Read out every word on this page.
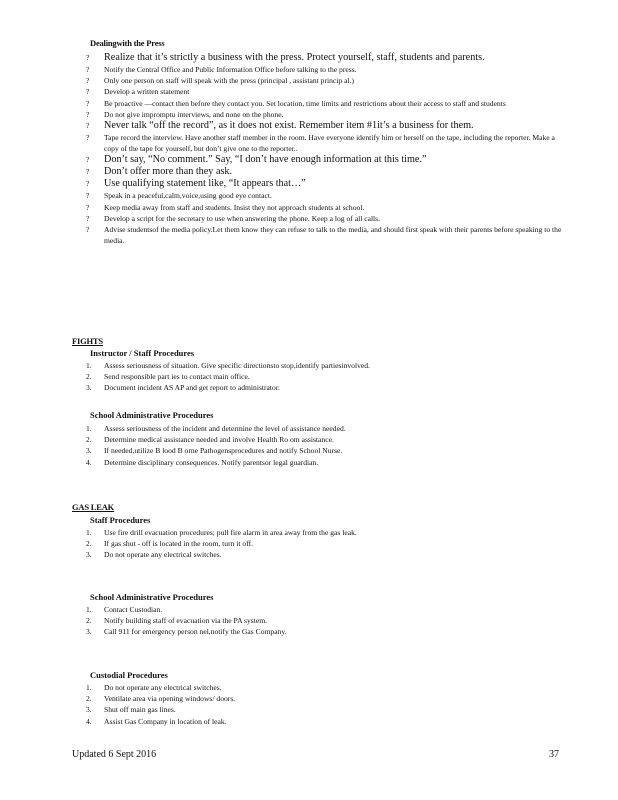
Dealingwith the Press
? Realize that it’s strictly a business with the press. Protect yourself, staff, students and parents.
? Notify the Central Office and Public Information Office before talking to the press.
? Only one person on staff will speak with the press (principal , assistant princip al.)
? Develop a written statement
? Be proactive —contact then before they contact you. Set location, time limits and restrictions about their access to staff and students
? Do not give impromptu interviews, and none on the phone.
? Never talk “off the record”, as it does not exist. Remember item #1it’s a business for them.
? Tape record the interview. Have another staff member in the room. Have everyone identify him or herself on the tape, including the reporter. Make a copy of the tape for yourself, but don’t give one to the reporter..
? Don’t say, “No comment.” Say, “I don’t have enough information at this time.”
? Don’t offer more than they ask.
? Use qualifying statement like, “It appears that…”
? Speak in a peaceful,calm,voice,using good eye contact.
? Keep media away from staff and students. Insist they not approach students at school.
? Develop a script for the secretary to use when answering the phone. Keep a log of all calls.
? Advise studentsof the media policy.Let them know they can refuse to talk to the media, and should first speak with their parents before speaking to the media.
FIGHTS
Instructor / Staff Procedures
1. Assess seriousness of situation. Give specific directionsto stop,identify partiesinvolved.
2. Send responsible part ies to contact main office.
3. Document incident AS AP and get report to administrator.
School Administrative Procedures
1. Assess seriousness of the incident and determine the level of assistance needed.
2. Determine medical assistance needed and involve Health Ro om assistance.
3. If needed,utilize B lood B orne Pathogensprocedures and notify School Nurse.
4. Determine disciplinary consequences. Notify parentsor legal guardian.
GAS LEAK
Staff Procedures
1. Use fire drill evacuation procedures; pull fire alarm in area away from the gas leak.
2. If gas shut - off is located in the room, turn it off.
3. Do not operate any electrical switches.
School Administrative Procedures
1. Contact Custodian.
2. Notify building staff of evacuation via the PA system.
3. Call 911 for emergency person nel,notify the Gas Company.
Custodial Procedures
1. Do not operate any electrical switches.
2. Ventilate area via opening windows/ doors.
3. Shut off main gas lines.
4. Assist Gas Company in location of leak.
Updated 6 Sept 2016	37
